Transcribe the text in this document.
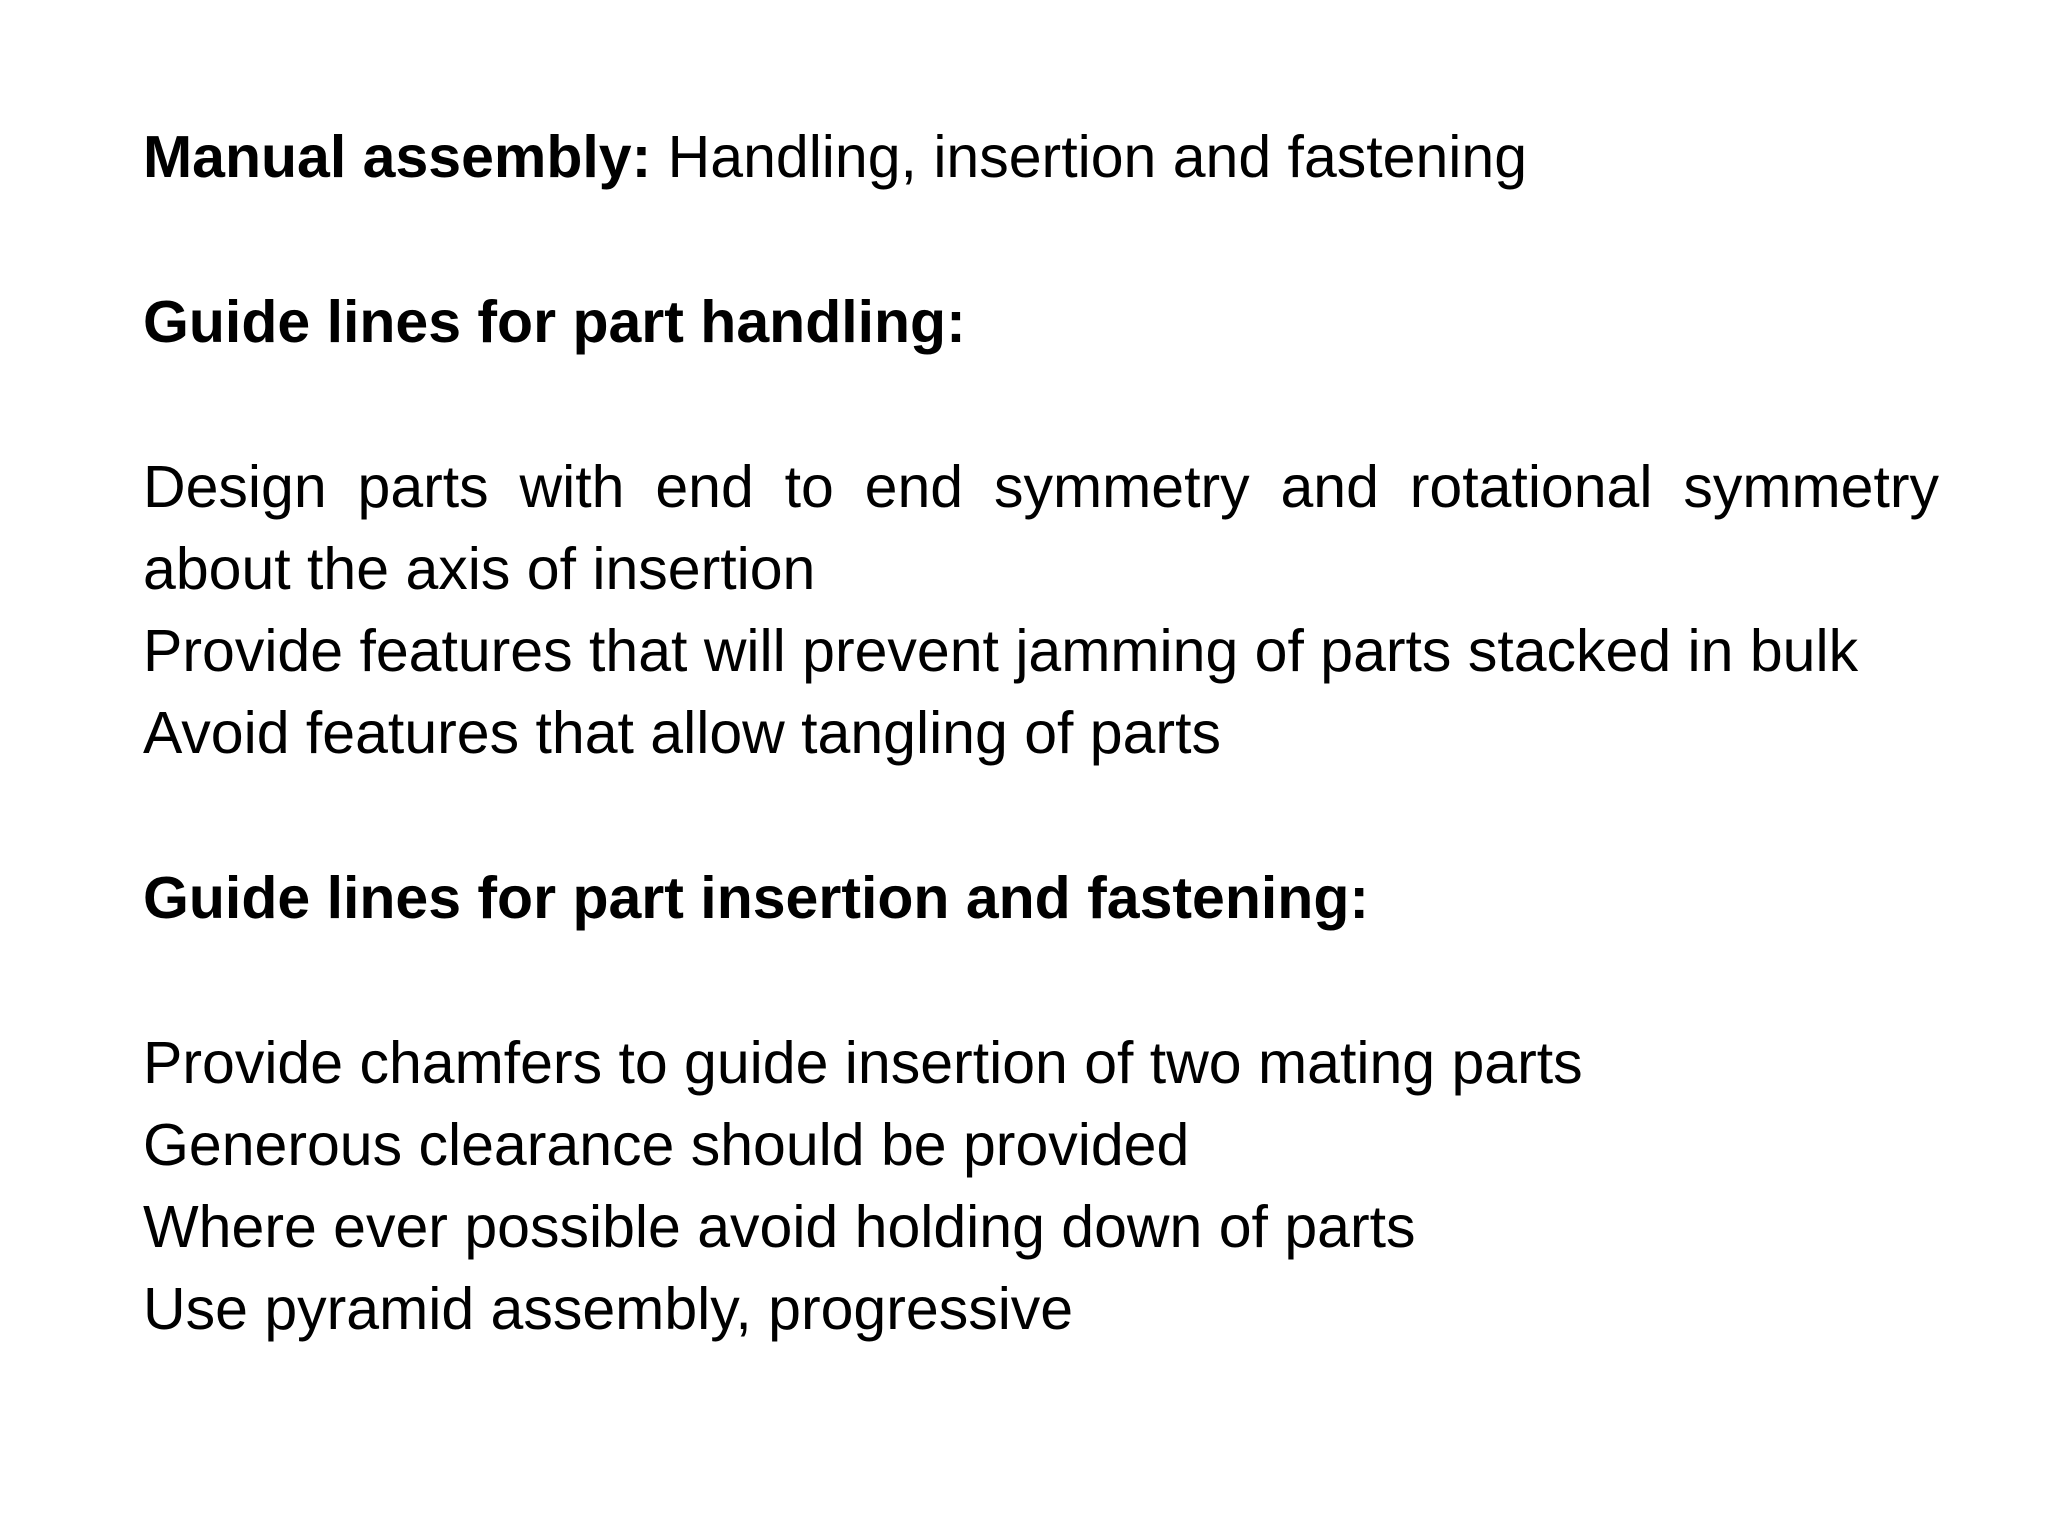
Manual assembly: Handling, insertion and fastening

Guide lines for part handling:

Design parts with end to end symmetry and rotational symmetry about the axis of insertion

Provide features that will prevent jamming of parts stacked in bulk

Avoid features that allow tangling of parts

Guide lines for part insertion and fastening:

Provide chamfers to guide insertion of two mating parts

Generous clearance should be provided

Where ever possible avoid holding down of parts

Use pyramid assembly, progressive
